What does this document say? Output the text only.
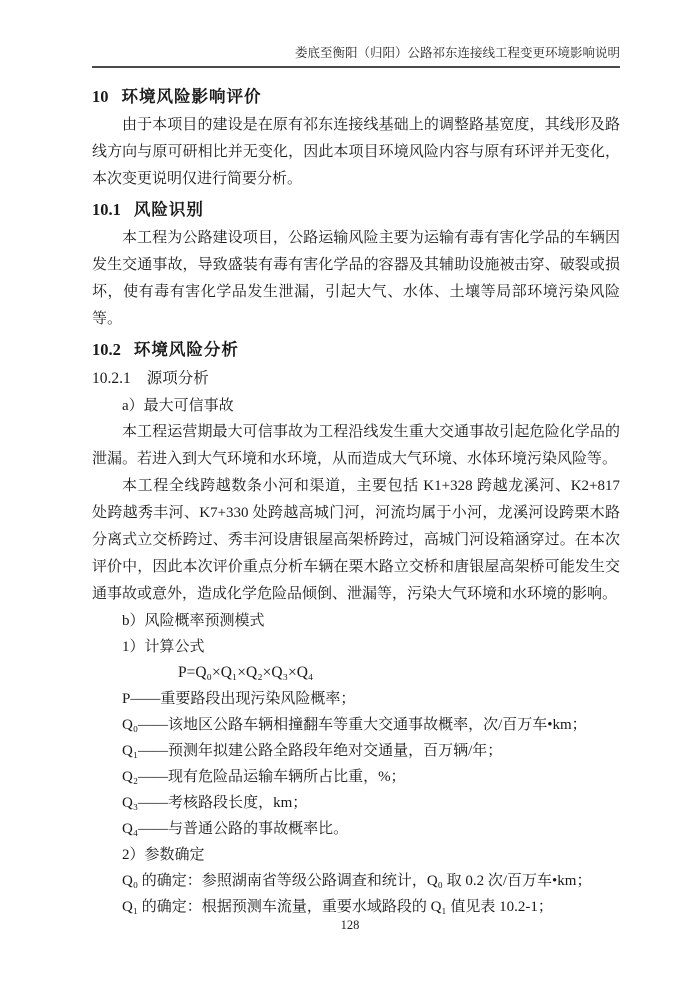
娄底至衡阳（归阳）公路祁东连接线工程变更环境影响说明
10 环境风险影响评价

由于本项目的建设是在原有祁东连接线基础上的调整路基宽度，其线形及路线方向与原可研相比并无变化，因此本项目环境风险内容与原有环评并无变化，本次变更说明仅进行简要分析。

10.1 风险识别

本工程为公路建设项目，公路运输风险主要为运输有毒有害化学品的车辆因发生交通事故，导致盛装有毒有害化学品的容器及其辅助设施被击穿、破裂或损坏，使有毒有害化学品发生泄漏，引起大气、水体、土壤等局部环境污染风险等。

10.2 环境风险分析
10.2.1 源项分析

a）最大可信事故

本工程运营期最大可信事故为工程沿线发生重大交通事故引起危险化学品的泄漏。若进入到大气环境和水环境，从而造成大气环境、水体环境污染风险等。

本工程全线跨越数条小河和渠道，主要包括 K1+328 跨越龙溪河、K2+817 处跨越秀丰河、K7+330 处跨越高城门河，河流均属于小河，龙溪河设跨栗木路分离式立交桥跨过、秀丰河设唐银屋高架桥跨过，高城门河设箱涵穿过。在本次评价中，因此本次评价重点分析车辆在栗木路立交桥和唐银屋高架桥可能发生交通事故或意外，造成化学危险品倾倒、泄漏等，污染大气环境和水环境的影响。

b）风险概率预测模式

1）计算公式

P=Q₀×Q₁×Q₂×Q₃×Q₄

P——重要路段出现污染风险概率；

Q₀——该地区公路车辆相撞翻车等重大交通事故概率，次/百万车•km；

Q₁——预测年拟建公路全路段年绝对交通量，百万辆/年；

Q₂——现有危险品运输车辆所占比重，%；

Q₃——考核路段长度，km；

Q₄——与普通公路的事故概率比。

2）参数确定

Q₀ 的确定：参照湖南省等级公路调查和统计，Q₀ 取 0.2 次/百万车•km；

Q₁ 的确定：根据预测车流量，重要水域路段的 Q₁ 值见表 10.2-1；

128
